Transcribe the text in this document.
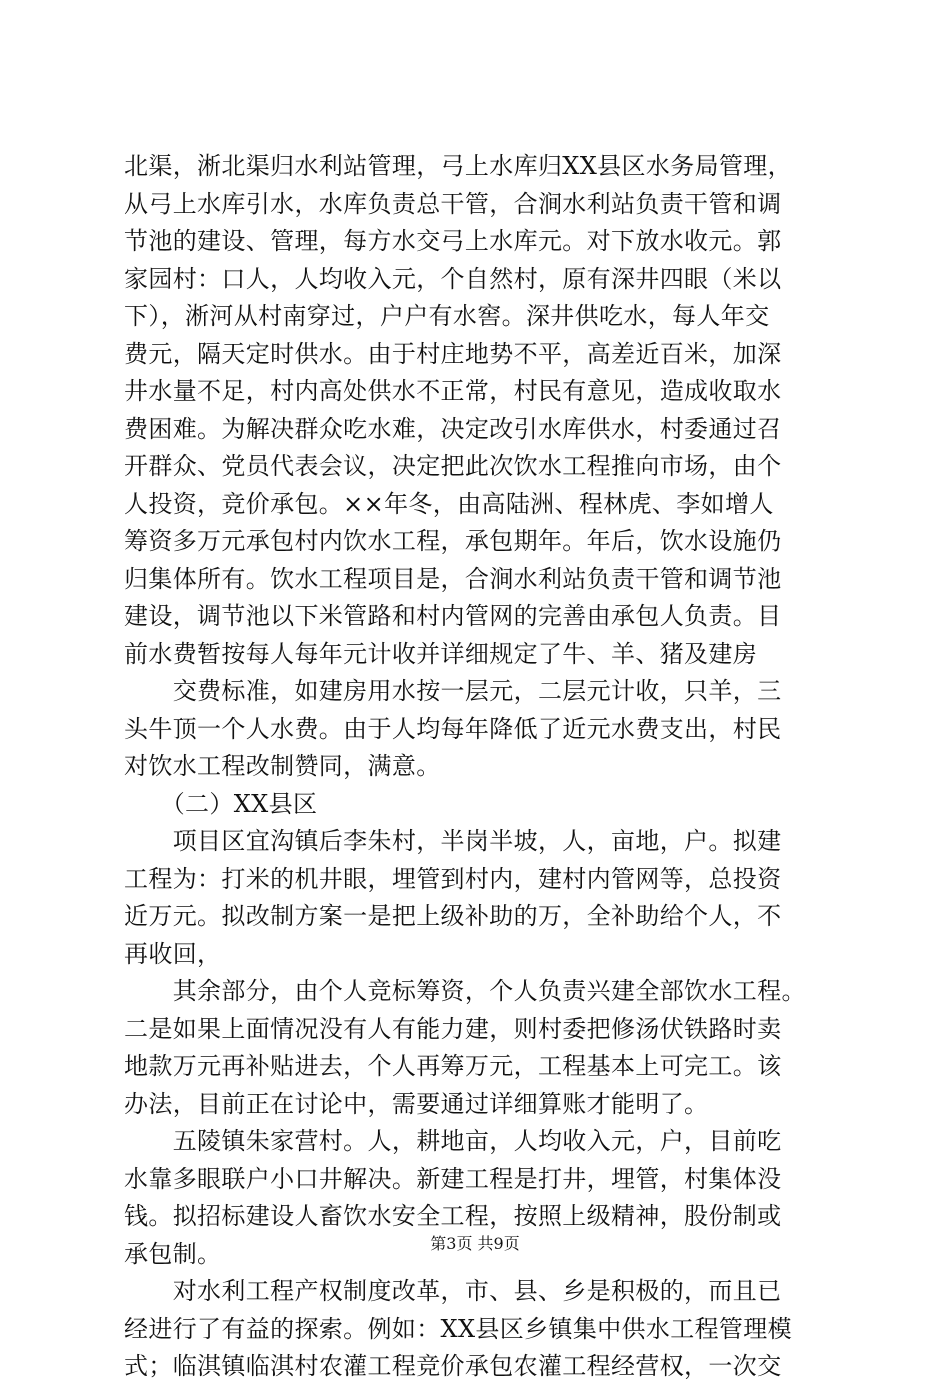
北渠，淅北渠归水利站管理，弓上水库归XX县区水务局管理，
从弓上水库引水，水库负责总干管，合涧水利站负责干管和调
节池的建设、管理，每方水交弓上水库元。对下放水收元。郭
家园村：口人，人均收入元，个自然村，原有深井四眼（米以
下），淅河从村南穿过，户户有水窖。深井供吃水，每人年交
费元，隔天定时供水。由于村庄地势不平，高差近百米，加深
井水量不足，村内高处供水不正常，村民有意见，造成收取水
费困难。为解决群众吃水难，决定改引水库供水，村委通过召
开群众、党员代表会议，决定把此次饮水工程推向市场，由个
人投资，竞价承包。××年冬，由高陆洲、程林虎、李如增人
筹资多万元承包村内饮水工程，承包期年。年后，饮水设施仍
归集体所有。饮水工程项目是，合涧水利站负责干管和调节池
建设，调节池以下米管路和村内管网的完善由承包人负责。目
前水费暂按每人每年元计收并详细规定了牛、羊、猪及建房
　　交费标准，如建房用水按一层元，二层元计收，只羊，三
头牛顶一个人水费。由于人均每年降低了近元水费支出，村民
对饮水工程改制赞同，满意。
　　（二）XX县区
　　项目区宜沟镇后李朱村，半岗半坡，人，亩地，户。拟建
工程为：打米的机井眼，埋管到村内，建村内管网等，总投资
近万元。拟改制方案一是把上级补助的万，全补助给个人，不
再收回，
　　其余部分，由个人竞标筹资，个人负责兴建全部饮水工程。
二是如果上面情况没有人有能力建，则村委把修汤伏铁路时卖
地款万元再补贴进去，个人再筹万元，工程基本上可完工。该
办法，目前正在讨论中，需要通过详细算账才能明了。
　　五陵镇朱家营村。人，耕地亩，人均收入元，户，目前吃
水靠多眼联户小口井解决。新建工程是打井，埋管，村集体没
钱。拟招标建设人畜饮水安全工程，按照上级精神，股份制或
承包制。
　　对水利工程产权制度改革，市、县、乡是积极的，而且已
经进行了有益的探索。例如：XX县区乡镇集中供水工程管理模
式；临淇镇临淇村农灌工程竞价承包农灌工程经营权，一次交
第3页 共9页
